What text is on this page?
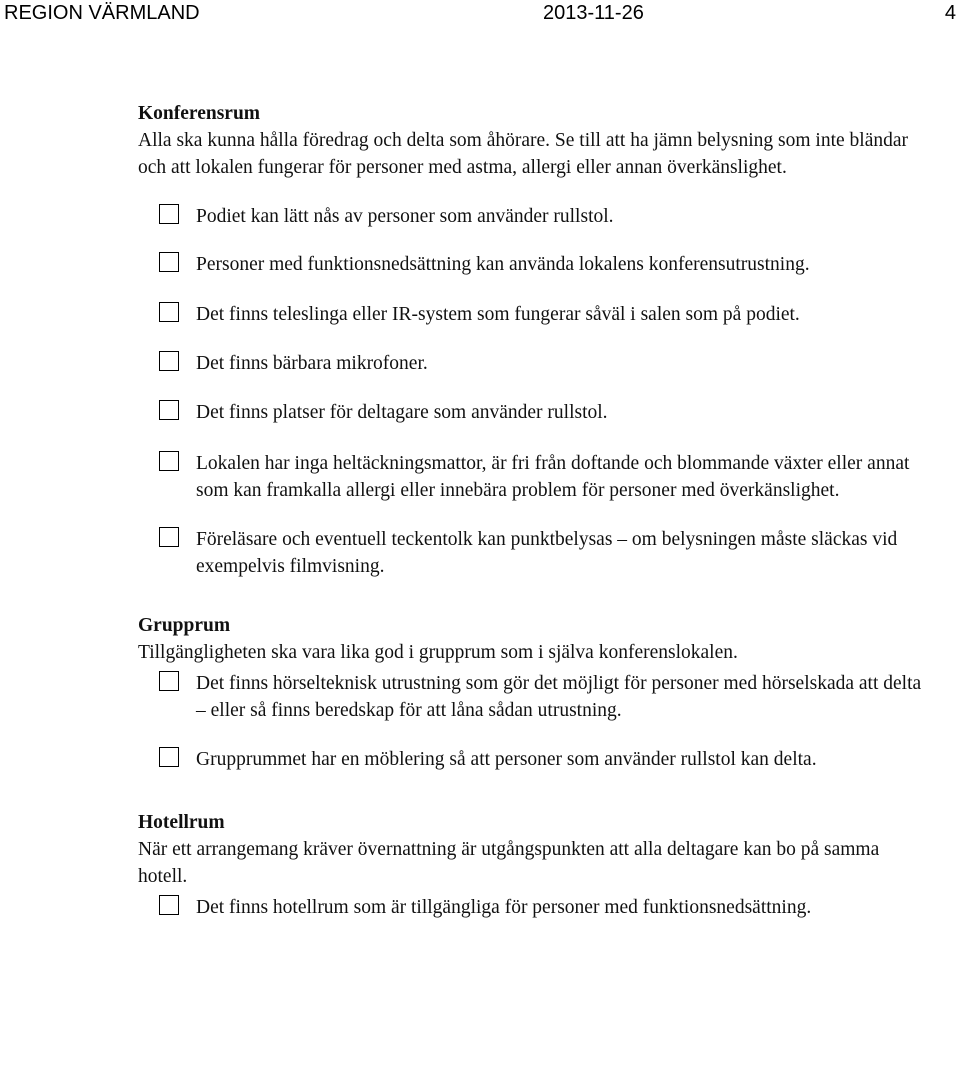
REGION VÄRMLAND	2013-11-26	4

Konferensrum

Alla ska kunna hålla föredrag och delta som åhörare. Se till att ha jämn belysning som inte bländar och att lokalen fungerar för personer med astma, allergi eller annan överkänslighet.

Podiet kan lätt nås av personer som använder rullstol.
Personer med funktionsnedsättning kan använda lokalens konferensutrustning.
Det finns teleslinga eller IR-system som fungerar såväl i salen som på podiet.
Det finns bärbara mikrofoner.
Det finns platser för deltagare som använder rullstol.
Lokalen har inga heltäckningsmattor, är fri från doftande och blommande växter eller annat som kan framkalla allergi eller innebära problem för personer med överkänslighet.
Föreläsare och eventuell teckentolk kan punktbelysas – om belysningen måste släckas vid exempelvis filmvisning.

Grupprum

Tillgängligheten ska vara lika god i grupprum som i själva konferenslokalen.

Det finns hörselteknisk utrustning som gör det möjligt för personer med hörselskada att delta – eller så finns beredskap för att låna sådan utrustning.
Grupprummet har en möblering så att personer som använder rullstol kan delta.

Hotellrum

När ett arrangemang kräver övernattning är utgångspunkten att alla deltagare kan bo på samma hotell.

Det finns hotellrum som är tillgängliga för personer med funktionsnedsättning.
